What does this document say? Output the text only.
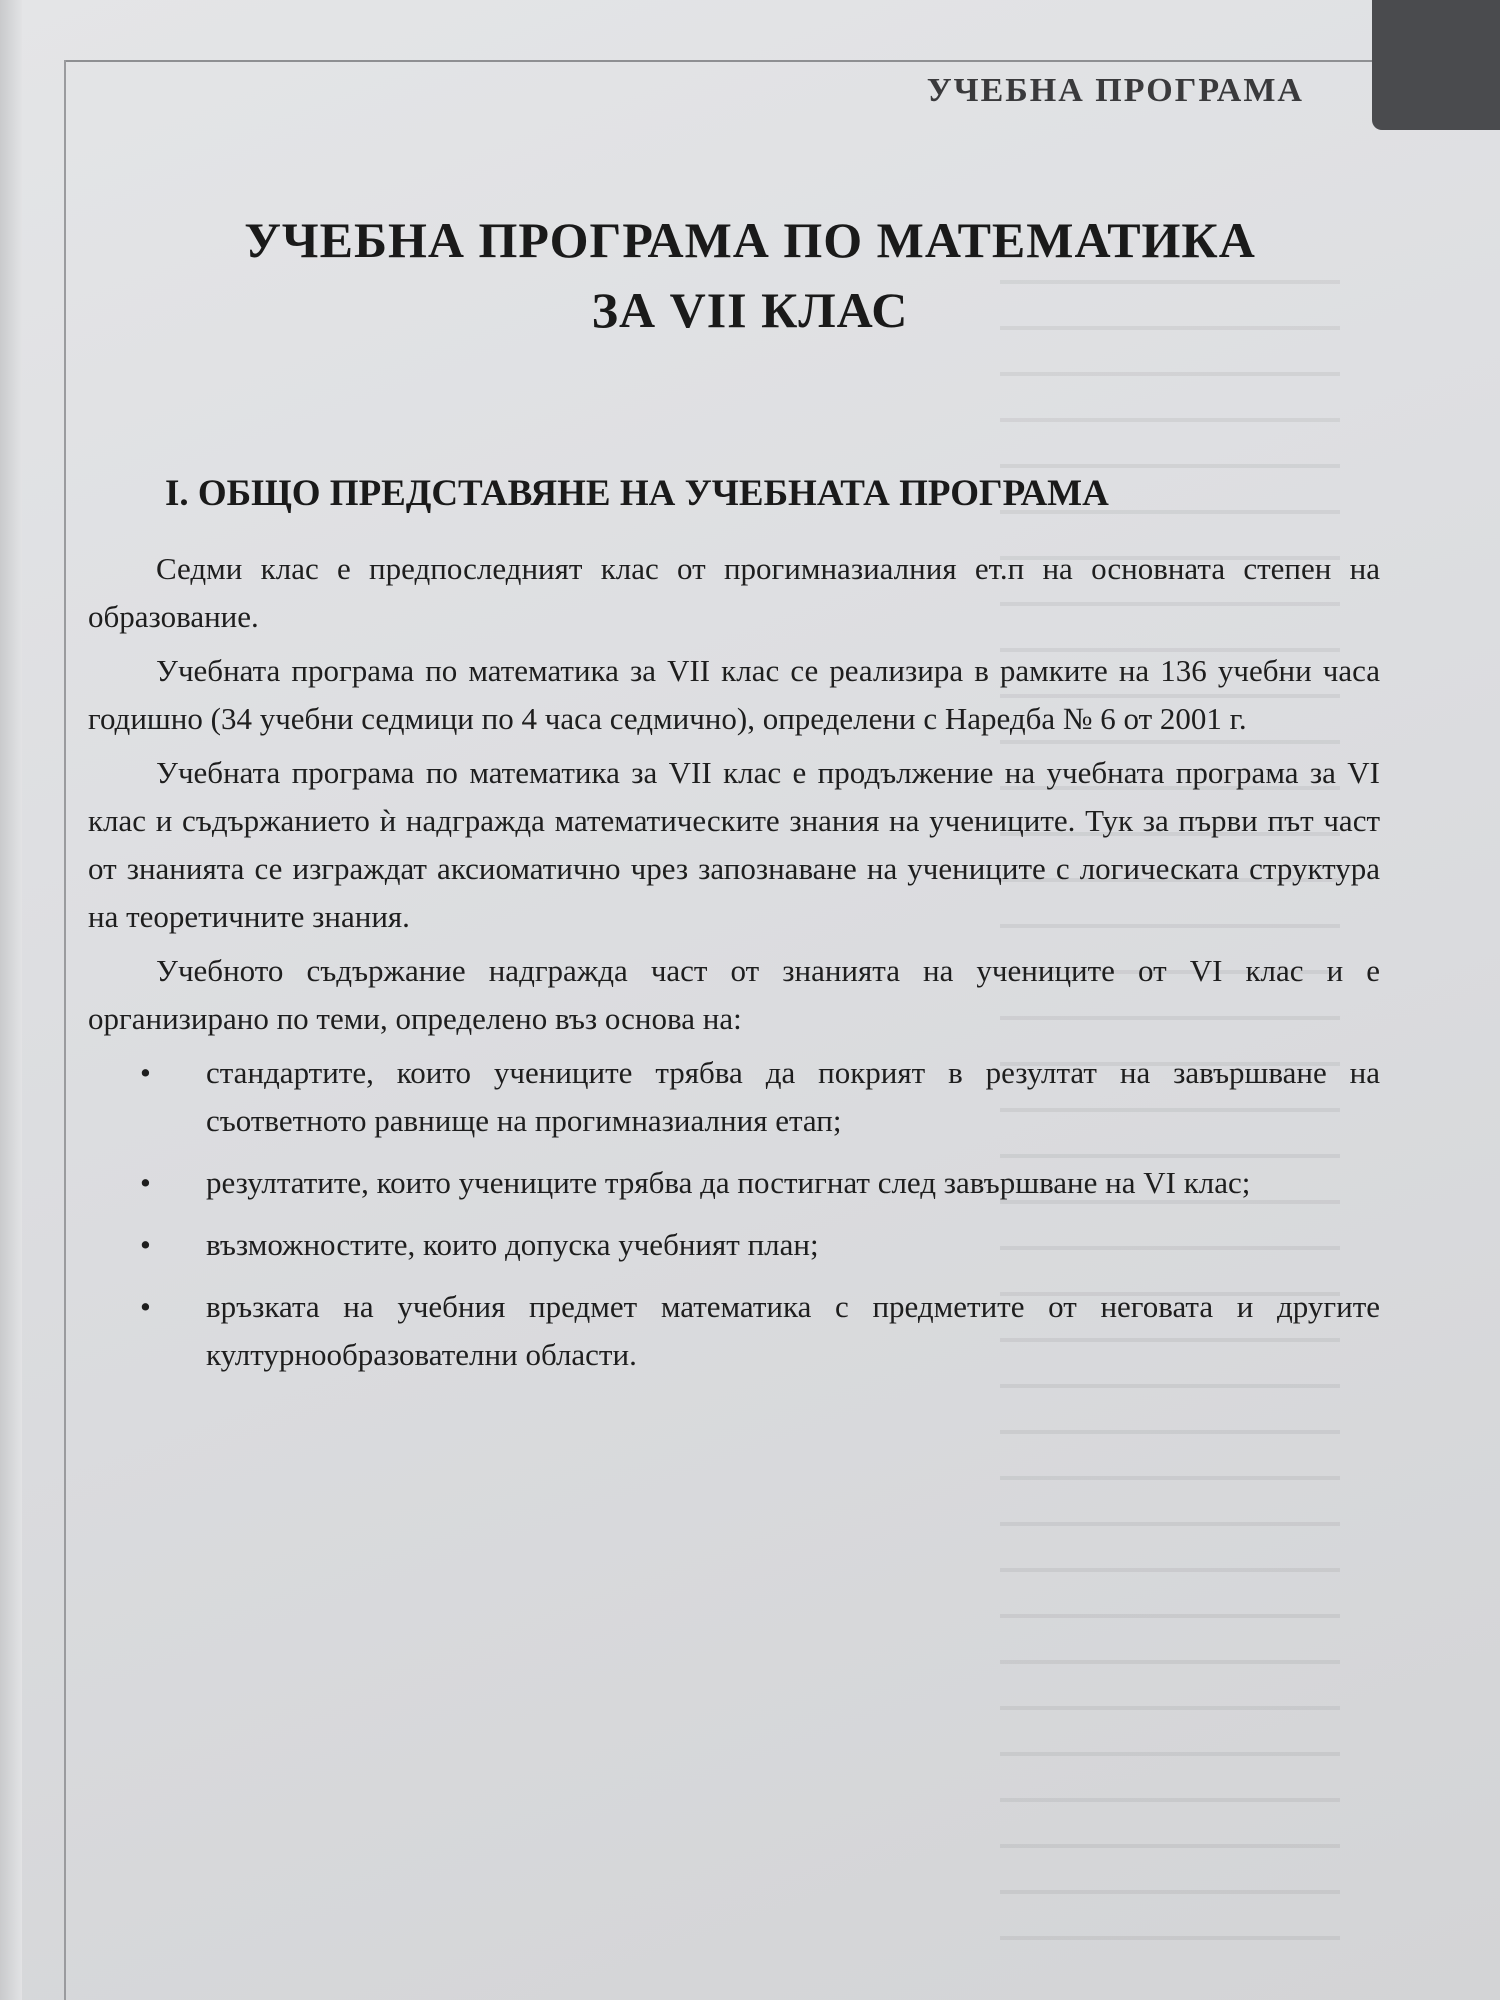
УЧЕБНА ПРОГРАМА
УЧЕБНА ПРОГРАМА ПО МАТЕМАТИКА
ЗА VII КЛАС
I. ОБЩО ПРЕДСТАВЯНЕ НА УЧЕБНАТА ПРОГРАМА

Седми клас е предпоследният клас от прогимназиалния ет.п на основната степен на образование.

Учебната програма по математика за VII клас се реализира в рамките на 136 учебни часа годишно (34 учебни седмици по 4 часа седмично), определени с Наредба № 6 от 2001 г.

Учебната програма по математика за VII клас е продължение на учебната програма за VI клас и съдържанието ѝ надгражда математическите знания на учениците. Тук за първи път част от знанията се изграждат аксиоматично чрез запознаване на учениците с логическата структура на теоретичните знания.

Учебното съдържание надгражда част от знанията на учениците от VI клас и е организирано по теми, определено въз основа на:

• стандартите, които учениците трябва да покрият в резултат на завършване на съответното равнище на прогимназиалния етап;
• резултатите, които учениците трябва да постигнат след завършване на VI клас;
• възможностите, които допуска учебният план;
• връзката на учебния предмет математика с предметите от неговата и другите културнообразователни области.
